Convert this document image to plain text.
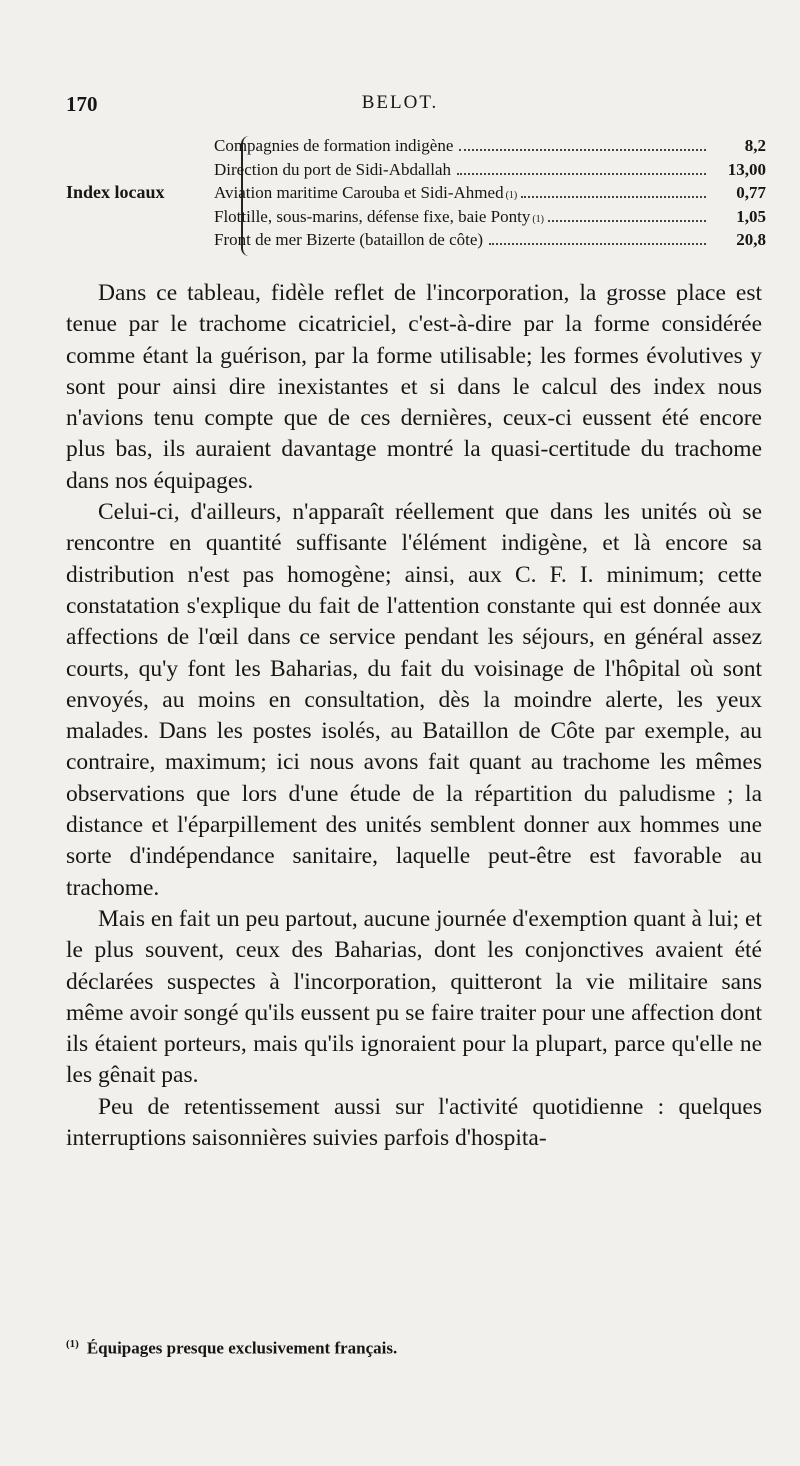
170	BELOT.
Index locaux
Compagnies de formation indigène	8,2
Direction du port de Sidi-Abdallah	13,00
Aviation maritime Carouba et Sidi-Ahmed (1)	0,77
Flottille, sous-marins, défense fixe, baie Ponty (1)	1,05
Front de mer Bizerte (bataillon de côte)	20,8

Dans ce tableau, fidèle reflet de l'incorporation, la grosse place est tenue par le trachome cicatriciel, c'est-à-dire par la forme considérée comme étant la guérison, par la forme utilisable; les formes évolutives y sont pour ainsi dire inexistantes et si dans le calcul des index nous n'avions tenu compte que de ces dernières, ceux-ci eussent été encore plus bas, ils auraient davantage montré la quasi-certitude du trachome dans nos équipages.

Celui-ci, d'ailleurs, n'apparaît réellement que dans les unités où se rencontre en quantité suffisante l'élément indigène, et là encore sa distribution n'est pas homogène; ainsi, aux C. F. I. minimum; cette constatation s'explique du fait de l'attention constante qui est donnée aux affections de l'œil dans ce service pendant les séjours, en général assez courts, qu'y font les Baharias, du fait du voisinage de l'hôpital où sont envoyés, au moins en consultation, dès la moindre alerte, les yeux malades. Dans les postes isolés, au Bataillon de Côte par exemple, au contraire, maximum; ici nous avons fait quant au trachome les mêmes observations que lors d'une étude de la répartition du paludisme ; la distance et l'éparpillement des unités semblent donner aux hommes une sorte d'indépendance sanitaire, laquelle peut-être est favorable au trachome.

Mais en fait un peu partout, aucune journée d'exemption quant à lui; et le plus souvent, ceux des Baharias, dont les conjonctives avaient été déclarées suspectes à l'incorporation, quitteront la vie militaire sans même avoir songé qu'ils eussent pu se faire traiter pour une affection dont ils étaient porteurs, mais qu'ils ignoraient pour la plupart, parce qu'elle ne les gênait pas.

Peu de retentissement aussi sur l'activité quotidienne : quelques interruptions saisonnières suivies parfois d'hospita-

$^{(1)}$ Équipages presque exclusivement français.
